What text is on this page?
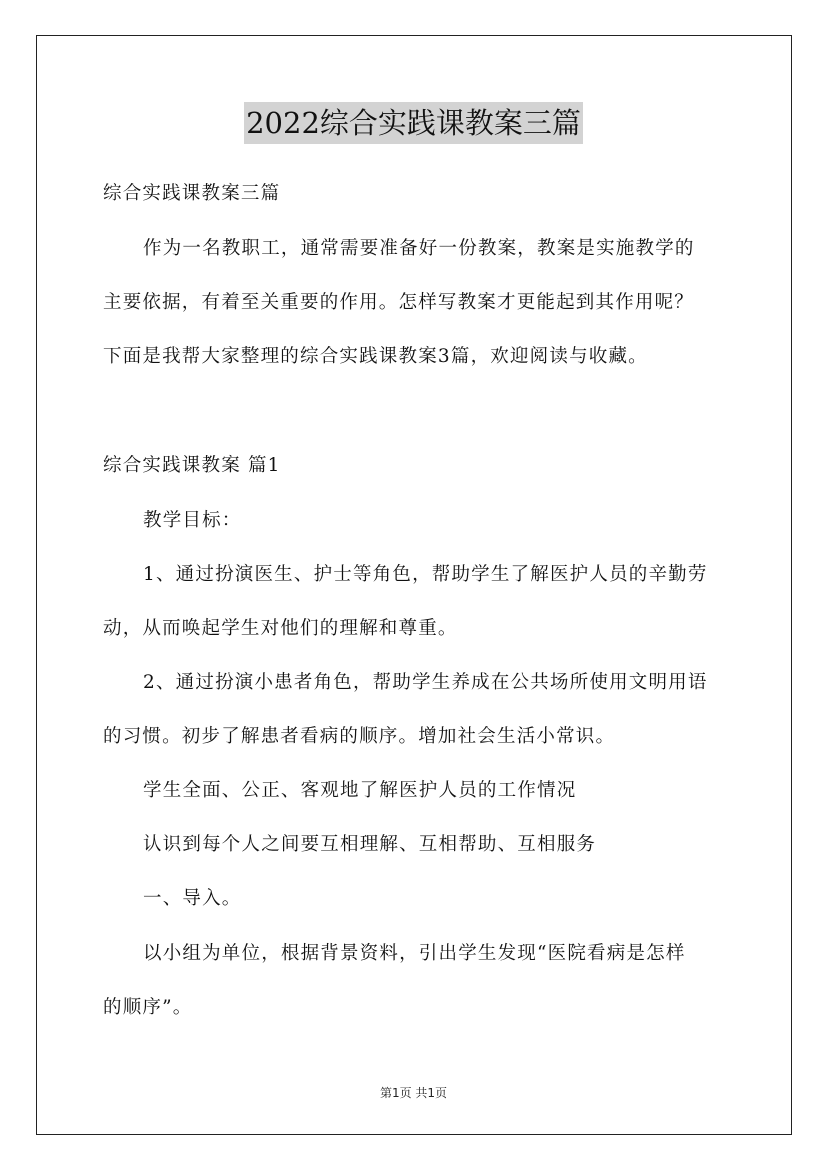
2022综合实践课教案三篇
综合实践课教案三篇
作为一名教职工，通常需要准备好一份教案，教案是实施教学的
主要依据，有着至关重要的作用。怎样写教案才更能起到其作用呢？
下面是我帮大家整理的综合实践课教案3篇，欢迎阅读与收藏。
综合实践课教案 篇1
教学目标：
1、通过扮演医生、护士等角色，帮助学生了解医护人员的辛勤劳
动，从而唤起学生对他们的理解和尊重。
2、通过扮演小患者角色，帮助学生养成在公共场所使用文明用语
的习惯。初步了解患者看病的顺序。增加社会生活小常识。
学生全面、公正、客观地了解医护人员的工作情况
认识到每个人之间要互相理解、互相帮助、互相服务
一、导入。
以小组为单位，根据背景资料，引出学生发现“医院看病是怎样
的顺序”。
第1页 共1页
